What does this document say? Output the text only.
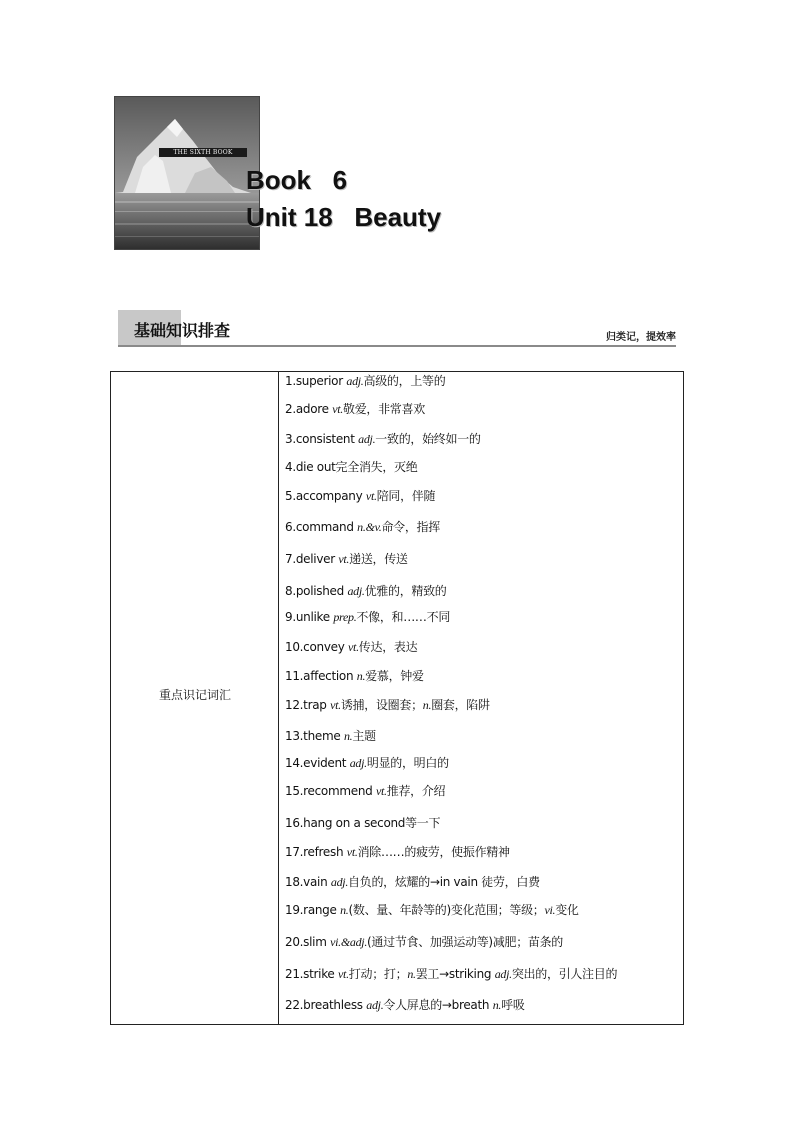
THE SIXTH BOOK
Book   6
Unit 18   Beauty
基础知识排查	归类记，提效率
重点识记词汇
1.superior adj.高级的，上等的
2.adore vt.敬爱，非常喜欢
3.consistent adj.一致的，始终如一的
4.die out完全消失，灭绝
5.accompany vt.陪同，伴随
6.command n.&v.命令，指挥
7.deliver vt.递送，传送
8.polished adj.优雅的，精致的
9.unlike prep.不像，和……不同
10.convey vt.传达，表达
11.affection n.爱慕，钟爱
12.trap vt.诱捕，设圈套；n.圈套，陷阱
13.theme n.主题
14.evident adj.明显的，明白的
15.recommend vt.推荐，介绍
16.hang on a second等一下
17.refresh vt.消除……的疲劳，使振作精神
18.vain adj.自负的，炫耀的→in vain 徒劳，白费
19.range n.(数、量、年龄等的)变化范围；等级；vi.变化
20.slim vi.&adj.(通过节食、加强运动等)减肥；苗条的
21.strike vt.打动；打；n.罢工→striking adj.突出的，引人注目的
22.breathless adj.令人屏息的→breath n.呼吸
